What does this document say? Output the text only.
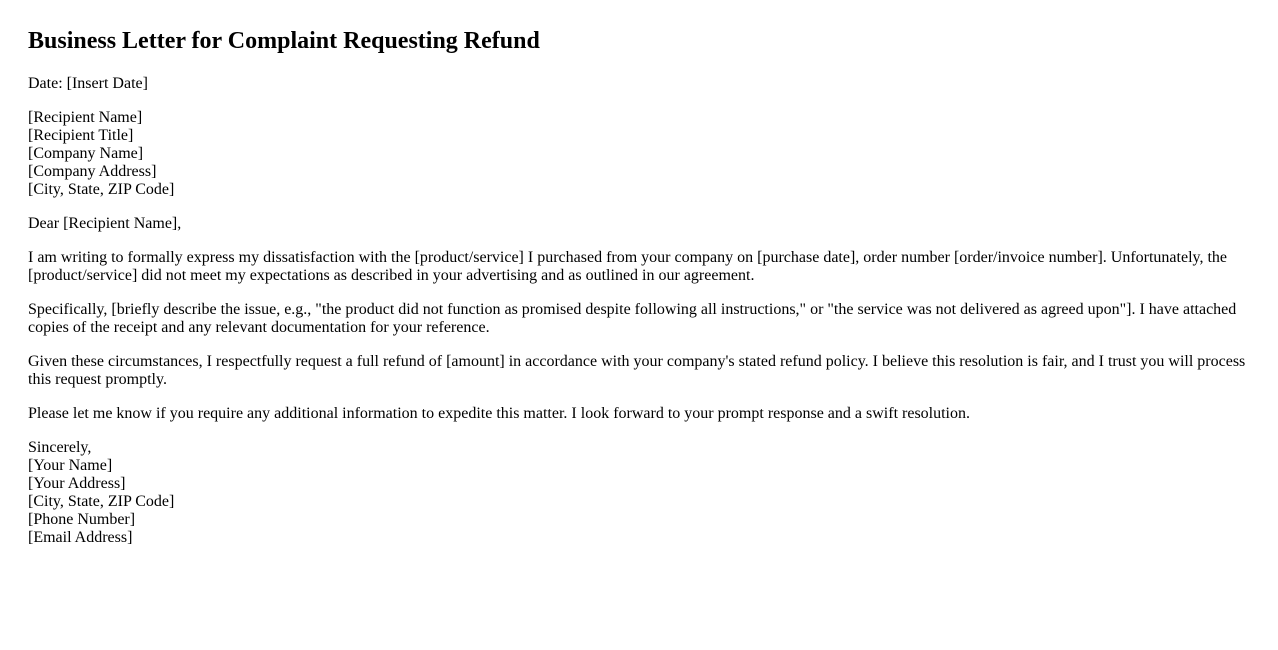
Business Letter for Complaint Requesting Refund

Date: [Insert Date]

[Recipient Name]
[Recipient Title]
[Company Name]
[Company Address]
[City, State, ZIP Code]

Dear [Recipient Name],

I am writing to formally express my dissatisfaction with the [product/service] I purchased from your company on [purchase date], order number [order/invoice number]. Unfortunately, the [product/service] did not meet my expectations as described in your advertising and as outlined in our agreement.

Specifically, [briefly describe the issue, e.g., "the product did not function as promised despite following all instructions," or "the service was not delivered as agreed upon"]. I have attached copies of the receipt and any relevant documentation for your reference.

Given these circumstances, I respectfully request a full refund of [amount] in accordance with your company's stated refund policy. I believe this resolution is fair, and I trust you will process this request promptly.

Please let me know if you require any additional information to expedite this matter. I look forward to your prompt response and a swift resolution.

Sincerely,
[Your Name]
[Your Address]
[City, State, ZIP Code]
[Phone Number]
[Email Address]
